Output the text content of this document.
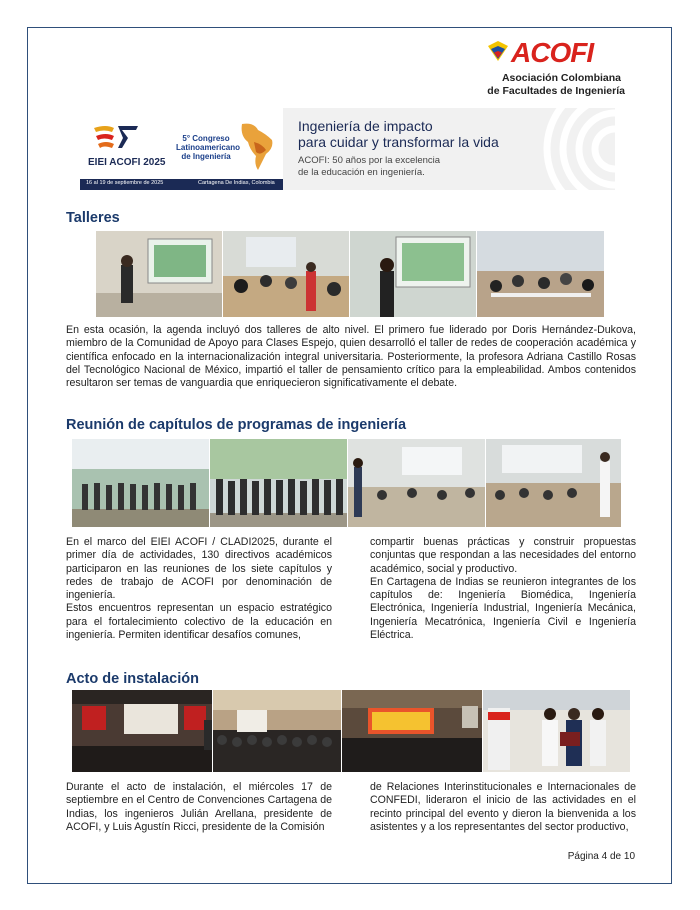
ACOFI
Asociación Colombiana
de Facultades de Ingeniería
EIEI ACOFI 2025
5° Congreso Latinoamericano de Ingeniería
16 al 19 de septiembre de 2025	Cartagena De Indias, Colombia
Ingeniería de impacto
para cuidar y transformar la vida
ACOFI: 50 años por la excelencia
de la educación en ingeniería.
Talleres
En esta ocasión, la agenda incluyó dos talleres de alto nivel. El primero fue liderado por Doris Hernández-Dukova, miembro de la Comunidad de Apoyo para Clases Espejo, quien desarrolló el taller de redes de cooperación académica y científica enfocado en la internacionalización integral universitaria. Posteriormente, la profesora Adriana Castillo Rosas del Tecnológico Nacional de México, impartió el taller de pensamiento crítico para la empleabilidad. Ambos contenidos resultaron ser temas de vanguardia que enriquecieron significativamente el debate.
Reunión de capítulos de programas de ingeniería
En el marco del EIEI ACOFI / CLADI2025, durante el primer día de actividades, 130 directivos académicos participaron en las reuniones de los siete capítulos y redes de trabajo de ACOFI por denominación de ingeniería.
Estos encuentros representan un espacio estratégico para el fortalecimiento colectivo de la educación en ingeniería. Permiten identificar desafíos comunes,
compartir buenas prácticas y construir propuestas conjuntas que respondan a las necesidades del entorno académico, social y productivo.
En Cartagena de Indias se reunieron integrantes de los capítulos de: Ingeniería Biomédica, Ingeniería Electrónica, Ingeniería Industrial, Ingeniería Mecánica, Ingeniería Mecatrónica, Ingeniería Civil e Ingeniería Eléctrica.
Acto de instalación
Durante el acto de instalación, el miércoles 17 de septiembre en el Centro de Convenciones Cartagena de Indias, los ingenieros Julián Arellana, presidente de ACOFI, y Luis Agustín Ricci, presidente de la Comisión
de Relaciones Interinstitucionales e Internacionales de CONFEDI, lideraron el inicio de las actividades en el recinto principal del evento y dieron la bienvenida a los asistentes y a los representantes del sector productivo,
Página 4 de 10
